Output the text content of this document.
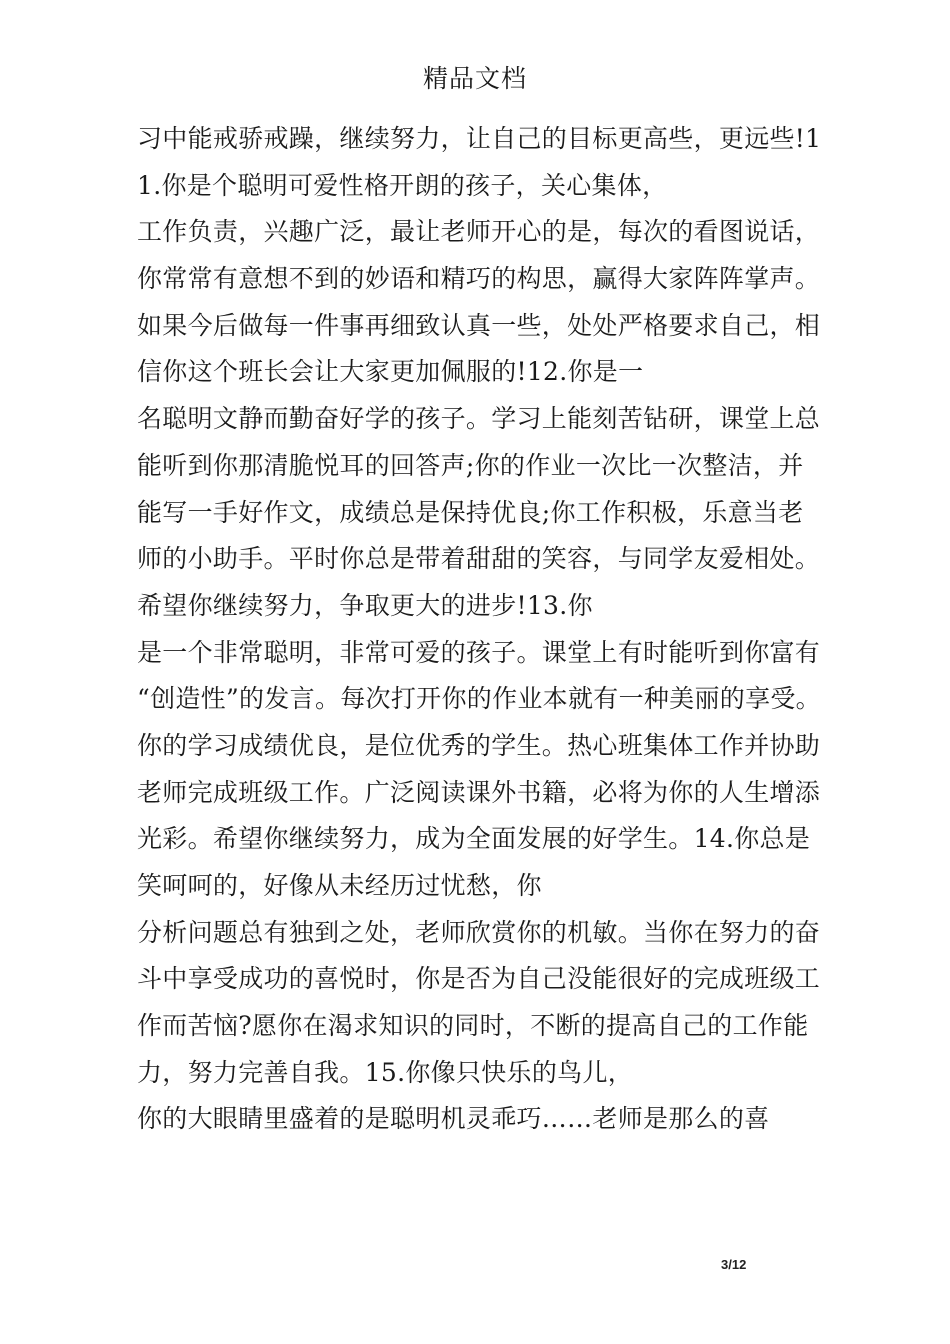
精品文档
习中能戒骄戒躁，继续努力，让自己的目标更高些，更远些!1
1.你是个聪明可爱性格开朗的孩子，关心集体，
工作负责，兴趣广泛，最让老师开心的是，每次的看图说话，
你常常有意想不到的妙语和精巧的构思，赢得大家阵阵掌声。
如果今后做每一件事再细致认真一些，处处严格要求自己，相
信你这个班长会让大家更加佩服的!12.你是一
名聪明文静而勤奋好学的孩子。学习上能刻苦钻研，课堂上总
能听到你那清脆悦耳的回答声;你的作业一次比一次整洁，并
能写一手好作文，成绩总是保持优良;你工作积极，乐意当老
师的小助手。平时你总是带着甜甜的笑容，与同学友爱相处。
希望你继续努力，争取更大的进步!13.你
是一个非常聪明，非常可爱的孩子。课堂上有时能听到你富有
“创造性”的发言。每次打开你的作业本就有一种美丽的享受。
你的学习成绩优良，是位优秀的学生。热心班集体工作并协助
老师完成班级工作。广泛阅读课外书籍，必将为你的人生增添
光彩。希望你继续努力，成为全面发展的好学生。14.你总是
笑呵呵的，好像从未经历过忧愁，你
分析问题总有独到之处，老师欣赏你的机敏。当你在努力的奋
斗中享受成功的喜悦时，你是否为自己没能很好的完成班级工
作而苦恼?愿你在渴求知识的同时，不断的提高自己的工作能
力，努力完善自我。15.你像只快乐的鸟儿，
你的大眼睛里盛着的是聪明机灵乖巧……老师是那么的喜
3/12
